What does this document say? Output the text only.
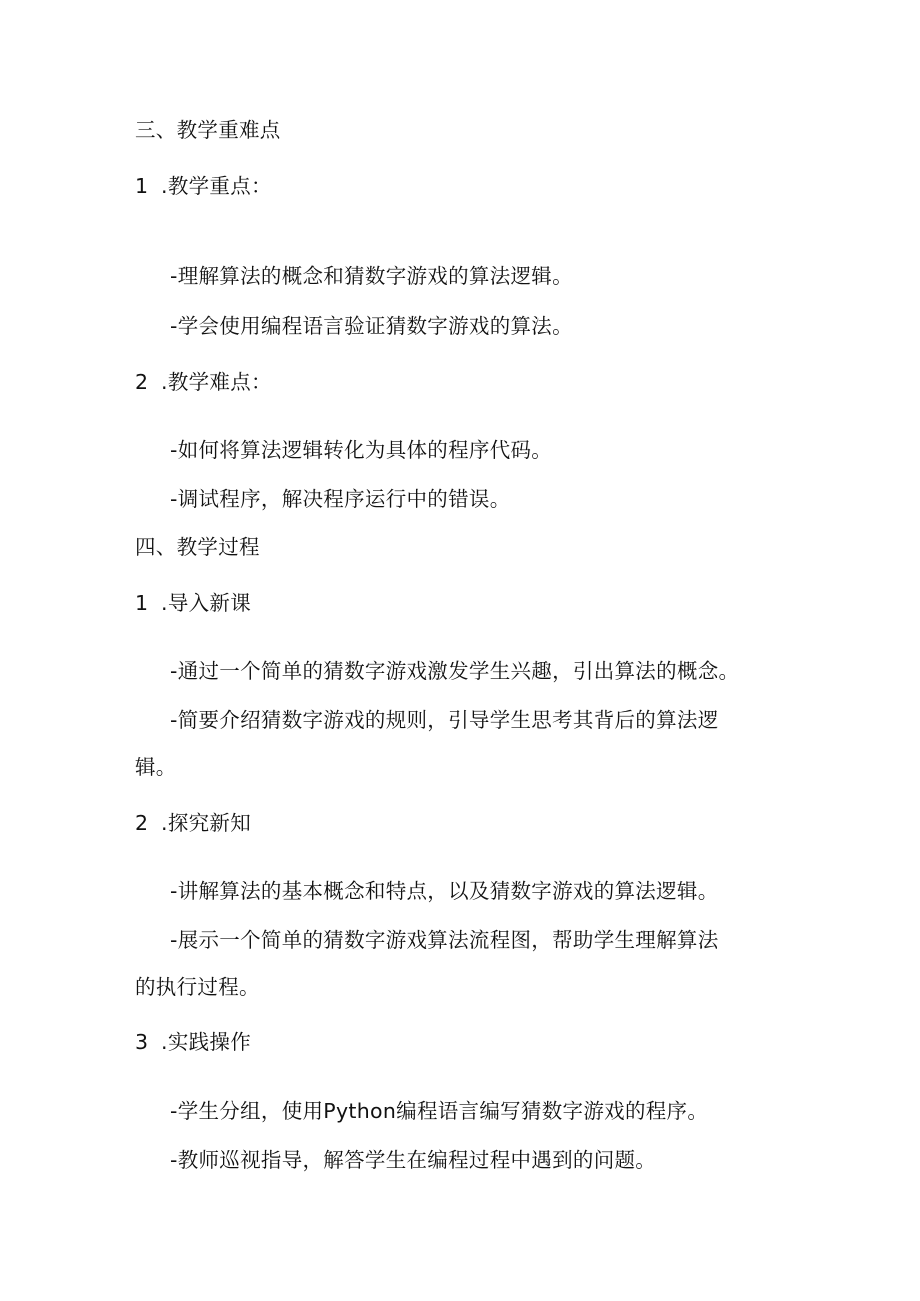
三、教学重难点
1 .教学重点：
-理解算法的概念和猜数字游戏的算法逻辑。
-学会使用编程语言验证猜数字游戏的算法。
2 .教学难点：
-如何将算法逻辑转化为具体的程序代码。
-调试程序，解决程序运行中的错误。
四、教学过程
1 .导入新课
-通过一个简单的猜数字游戏激发学生兴趣，引出算法的概念。
-简要介绍猜数字游戏的规则，引导学生思考其背后的算法逻
辑。
2 .探究新知
-讲解算法的基本概念和特点，以及猜数字游戏的算法逻辑。
-展示一个简单的猜数字游戏算法流程图，帮助学生理解算法
的执行过程。
3 .实践操作
-学生分组，使用Python编程语言编写猜数字游戏的程序。
-教师巡视指导，解答学生在编程过程中遇到的问题。
